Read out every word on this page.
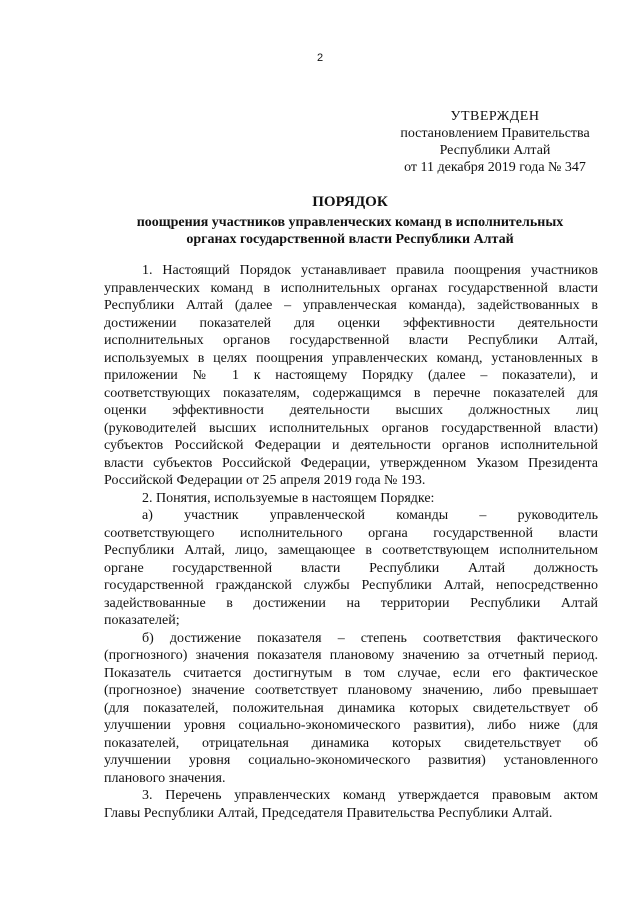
2
УТВЕРЖДЕН
постановлением Правительства
Республики Алтай
от 11 декабря 2019 года № 347
ПОРЯДОК
поощрения участников управленческих команд в исполнительных
органах государственной власти Республики Алтай
1. Настоящий Порядок устанавливает правила поощрения участников
управленческих команд в исполнительных органах государственной власти
Республики Алтай (далее – управленческая команда), задействованных в
достижении показателей для оценки эффективности деятельности
исполнительных органов государственной власти Республики Алтай,
используемых в целях поощрения управленческих команд, установленных в
приложении № 1 к настоящему Порядку (далее – показатели), и
соответствующих показателям, содержащимся в перечне показателей для
оценки эффективности деятельности высших должностных лиц
(руководителей высших исполнительных органов государственной власти)
субъектов Российской Федерации и деятельности органов исполнительной
власти субъектов Российской Федерации, утвержденном Указом Президента
Российской Федерации от 25 апреля 2019 года № 193.
2. Понятия, используемые в настоящем Порядке:
а) участник управленческой команды – руководитель
соответствующего исполнительного органа государственной власти
Республики Алтай, лицо, замещающее в соответствующем исполнительном
органе государственной власти Республики Алтай должность
государственной гражданской службы Республики Алтай, непосредственно
задействованные в достижении на территории Республики Алтай
показателей;
б) достижение показателя – степень соответствия фактического
(прогнозного) значения показателя плановому значению за отчетный период.
Показатель считается достигнутым в том случае, если его фактическое
(прогнозное) значение соответствует плановому значению, либо превышает
(для показателей, положительная динамика которых свидетельствует об
улучшении уровня социально-экономического развития), либо ниже (для
показателей, отрицательная динамика которых свидетельствует об
улучшении уровня социально-экономического развития) установленного
планового значения.
3. Перечень управленческих команд утверждается правовым актом
Главы Республики Алтай, Председателя Правительства Республики Алтай.
